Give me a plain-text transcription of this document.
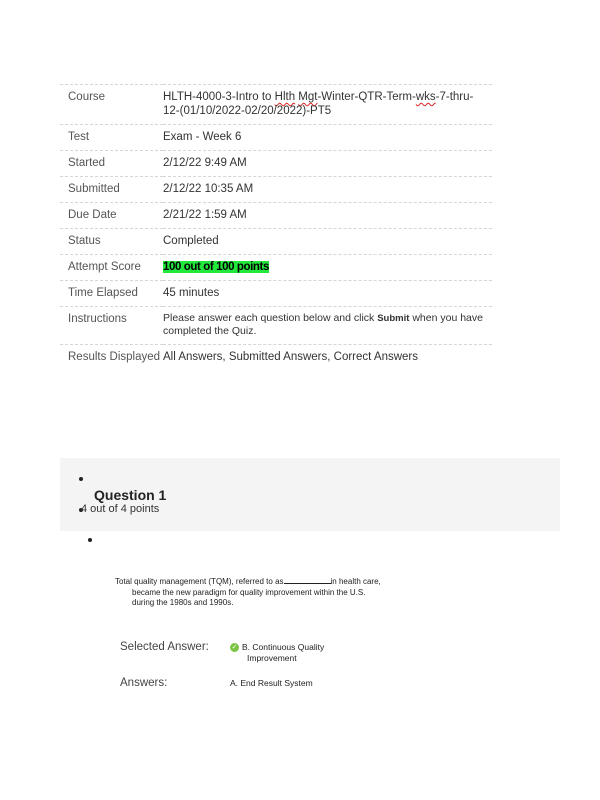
Course	HLTH-4000-3-Intro to Hlth Mgt-Winter-QTR-Term-wks-7-thru-12-(01/10/2022-02/20/2022)-PT5
Test	Exam - Week 6
Started	2/12/22 9:49 AM
Submitted	2/12/22 10:35 AM
Due Date	2/21/22 1:59 AM
Status	Completed
Attempt Score	100 out of 100 points
Time Elapsed	45 minutes
Instructions	Please answer each question below and click Submit when you have completed the Quiz.
Results Displayed	All Answers, Submitted Answers, Correct Answers
Question 1
4 out of 4 points
Total quality management (TQM), referred to as	in health care,
became the new paradigm for quality improvement within the U.S.
during the 1980s and 1990s.
Selected Answer:	✓ B. Continuous Quality
Improvement
Answers:	A. End Result System
